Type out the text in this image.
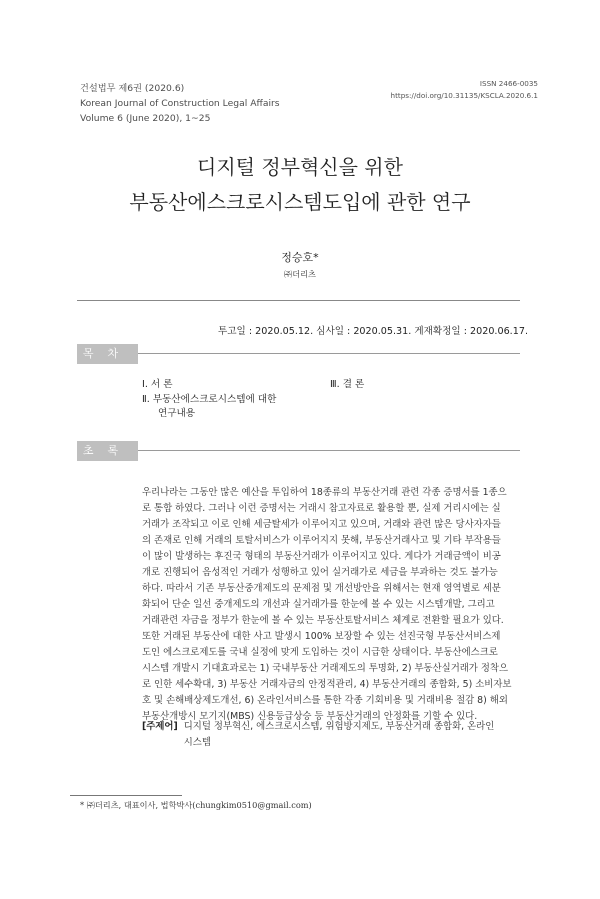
건설법무 제6권 (2020.6)
Korean Journal of Construction Legal Affairs
Volume 6 (June 2020), 1~25
ISSN 2466-0035
https://doi.org/10.31135/KSCLA.2020.6.1
디지털 정부혁신을 위한
부동산에스크로시스템도입에 관한 연구
정승호*
㈜더리츠
투고일 : 2020.05.12. 심사일 : 2020.05.31. 게재확정일 : 2020.06.17.
목차
Ⅰ. 서 론
Ⅱ. 부동산에스크로시스템에 대한
연구내용
Ⅲ. 결 론
초록
우리나라는 그동안 많은 예산을 투입하여 18종류의 부동산거래 관련 각종 증명서를 1종으
로 통합 하였다. 그러나 이런 증명서는 거래시 참고자료로 활용할 뿐, 실제 거리시에는 실
거래가 조작되고 이로 인해 세금탈세가 이루어지고 있으며, 거래와 관련 많은 당사자자들
의 존재로 인해 거래의 토탈서비스가 이루어지지 못해, 부동산거래사고 및 기타 부작용들
이 많이 발생하는 후진국 형태의 부동산거래가 이루어지고 있다. 게다가 거래금액이 비공
개로 진행되어 음성적인 거래가 성행하고 있어 실거래가로 세금을 부과하는 것도 불가능
하다. 따라서 기존 부동산중개제도의 문제점 및 개선방안을 위해서는 현재 영역별로 세분
화되어 단순 일선 중개제도의 개선과 실거래가를 한눈에 볼 수 있는 시스템개발, 그리고
거래관련 자금을 정부가 한눈에 볼 수 있는 부동산토탈서비스 체계로 전환할 필요가 있다.
또한 거래된 부동산에 대한 사고 발생시 100% 보장할 수 있는 선진국형 부동산서비스제
도인 에스크로제도를 국내 실정에 맞게 도입하는 것이 시급한 상태이다. 부동산에스크로
시스템 개발시 기대효과로는 1) 국내부동산 거래제도의 투명화, 2) 부동산실거래가 정착으
로 인한 세수확대, 3) 부동산 거래자금의 안정적관리, 4) 부동산거래의 종합화, 5) 소비자보
호 및 손해배상제도개선, 6) 온라인서비스를 통한 각종 기회비용 및 거래비용 절감 8) 해외
부동산개방시 모기지(MBS) 신용등급상승 등 부동산거래의 안정화를 기할 수 있다.
[주제어] 디지털 정부혁신, 에스크로시스템, 위험방지제도, 부동산거래 종합화, 온라인
시스템
* ㈜더리츠, 대표이사, 법학박사(chungkim0510@gmail.com)
